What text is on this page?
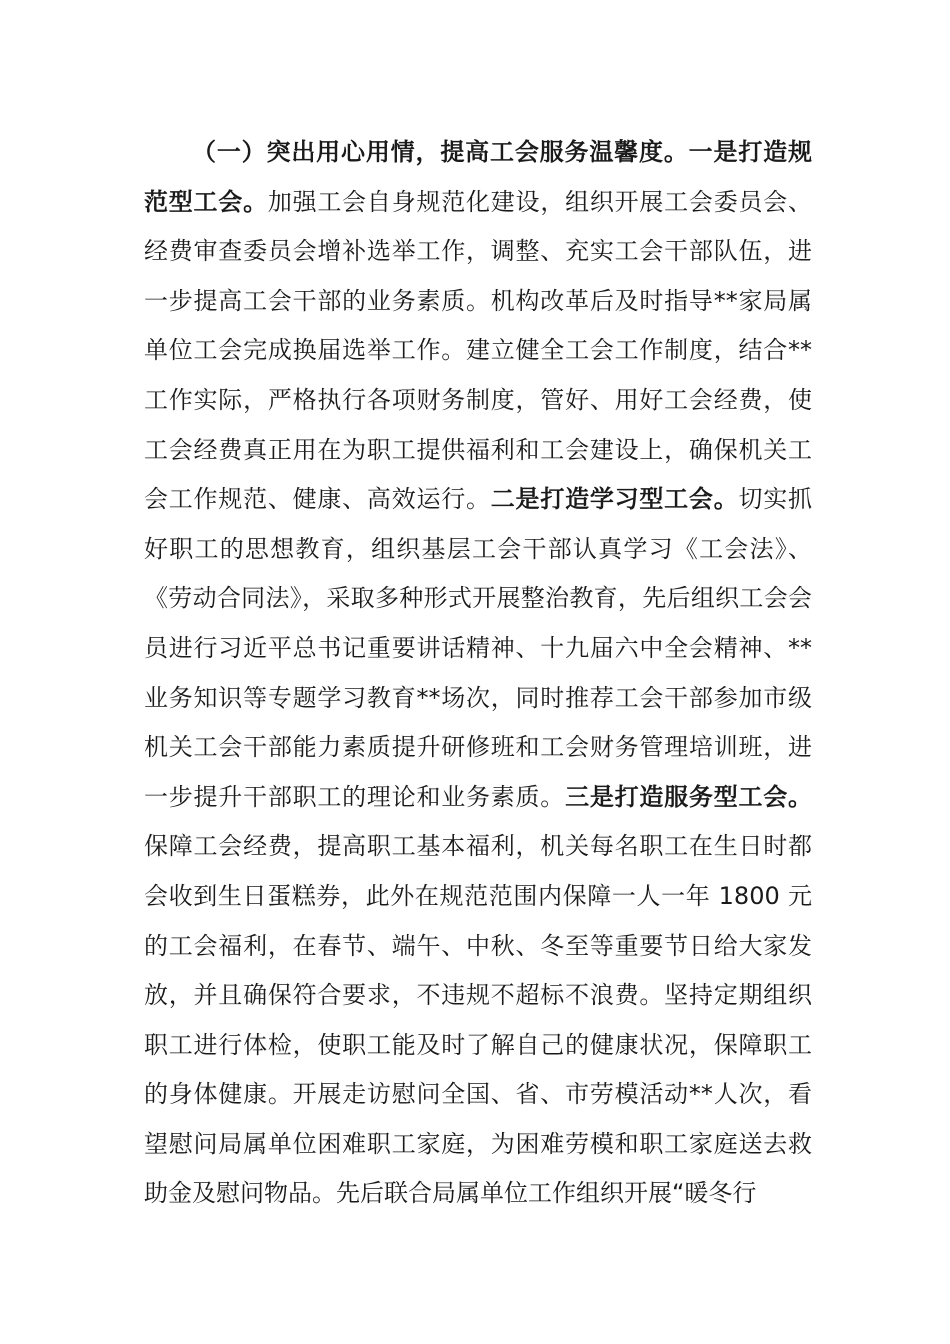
（一）突出用心用情，提高工会服务温馨度。一是打造规范型工会。加强工会自身规范化建设，组织开展工会委员会、经费审查委员会增补选举工作，调整、充实工会干部队伍，进一步提高工会干部的业务素质。机构改革后及时指导**家局属单位工会完成换届选举工作。建立健全工会工作制度，结合**工作实际，严格执行各项财务制度，管好、用好工会经费，使工会经费真正用在为职工提供福利和工会建设上，确保机关工会工作规范、健康、高效运行。二是打造学习型工会。切实抓好职工的思想教育，组织基层工会干部认真学习《工会法》、《劳动合同法》，采取多种形式开展整治教育，先后组织工会会员进行习近平总书记重要讲话精神、十九届六中全会精神、**业务知识等专题学习教育**场次，同时推荐工会干部参加市级机关工会干部能力素质提升研修班和工会财务管理培训班，进一步提升干部职工的理论和业务素质。三是打造服务型工会。保障工会经费，提高职工基本福利，机关每名职工在生日时都会收到生日蛋糕券，此外在规范范围内保障一人一年 1800 元的工会福利，在春节、端午、中秋、冬至等重要节日给大家发放，并且确保符合要求，不违规不超标不浪费。坚持定期组织职工进行体检，使职工能及时了解自己的健康状况，保障职工的身体健康。开展走访慰问全国、省、市劳模活动**人次，看望慰问局属单位困难职工家庭，为困难劳模和职工家庭送去救助金及慰问物品。先后联合局属单位工作组织开展“暖冬行
